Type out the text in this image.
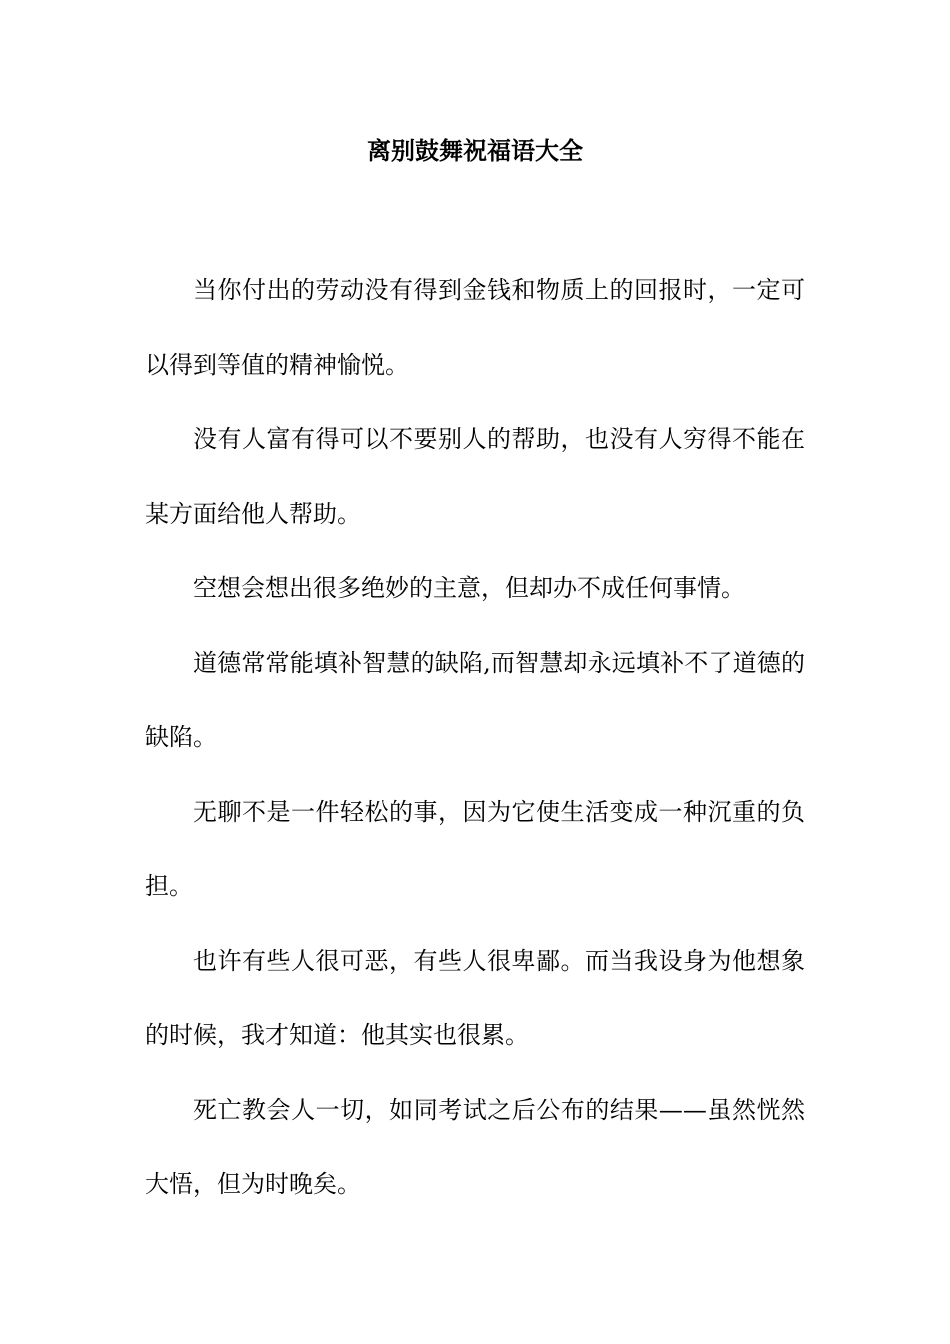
离别鼓舞祝福语大全

当你付出的劳动没有得到金钱和物质上的回报时，一定可以得到等值的精神愉悦。

没有人富有得可以不要别人的帮助，也没有人穷得不能在某方面给他人帮助。

空想会想出很多绝妙的主意，但却办不成任何事情。

道德常常能填补智慧的缺陷,而智慧却永远填补不了道德的缺陷。

无聊不是一件轻松的事，因为它使生活变成一种沉重的负担。

也许有些人很可恶，有些人很卑鄙。而当我设身为他想象的时候，我才知道：他其实也很累。

死亡教会人一切，如同考试之后公布的结果——虽然恍然大悟，但为时晚矣。
